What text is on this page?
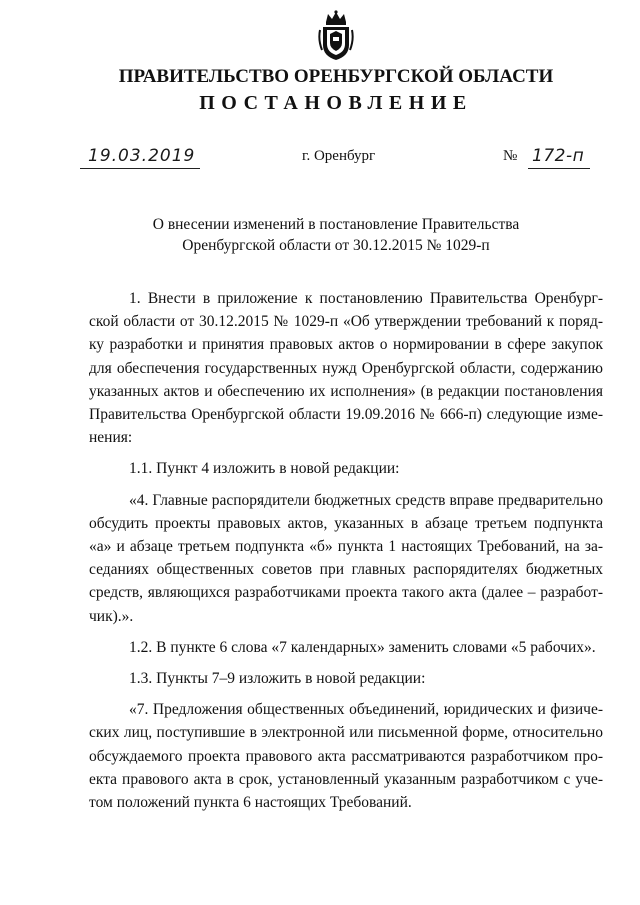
ПРАВИТЕЛЬСТВО ОРЕНБУРГСКОЙ ОБЛАСТИ
ПОСТАНОВЛЕНИЕ
19.03.2019	г. Оренбург	№ 172-п
О внесении изменений в постановление Правительства
Оренбургской области от 30.12.2015 № 1029-п

1. Внести в приложение к постановлению Правительства Оренбург-
ской области от 30.12.2015 № 1029-п «Об утверждении требований к поряд-
ку разработки и принятия правовых актов о нормировании в сфере закупок
для обеспечения государственных нужд Оренбургской области, содержанию
указанных актов и обеспечению их исполнения» (в редакции постановления
Правительства Оренбургской области 19.09.2016 № 666-п) следующие изме-
нения:

1.1. Пункт 4 изложить в новой редакции:

«4. Главные распорядители бюджетных средств вправе предварительно
обсудить проекты правовых актов, указанных в абзаце третьем подпункта
«а» и абзаце третьем подпункта «б» пункта 1 настоящих Требований, на за-
седаниях общественных советов при главных распорядителях бюджетных
средств, являющихся разработчиками проекта такого акта (далее – разработ-
чик).».

1.2. В пункте 6 слова «7 календарных» заменить словами «5 рабочих».

1.3. Пункты 7–9 изложить в новой редакции:

«7. Предложения общественных объединений, юридических и физиче-
ских лиц, поступившие в электронной или письменной форме, относительно
обсуждаемого проекта правового акта рассматриваются разработчиком про-
екта правового акта в срок, установленный указанным разработчиком с уче-
том положений пункта 6 настоящих Требований.
